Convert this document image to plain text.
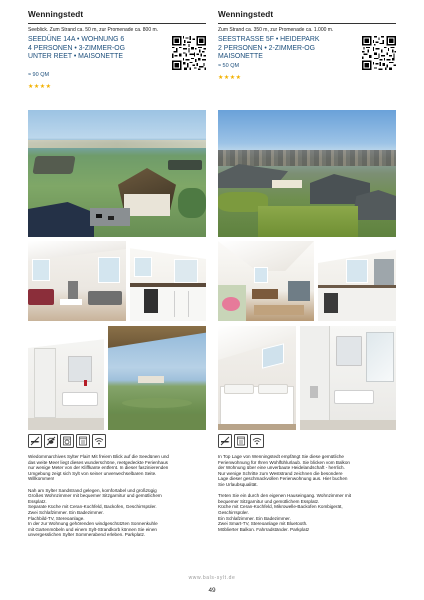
Wenningstedt
Seeblick. Zum Strand ca. 50 m, zur Promenade ca. 800 m.
SEEDÜNE 14A • WOHNUNG 6
4 PERSONEN • 3-ZIMMER-OG
UNTER REET • MAISONETTE
≈ 90 QM
★★★★

Wiedommarchives Sylter Flair! Mit freiem Blick auf die Seedünen und
das weite Meer liegt dieses wunderschöne, reetgedeckte Ferienhaus
nur wenige Meter von der Kliffkante entfernt. In dieser faszinierenden
Umgebung zeigt sich Sylt von seiner unverwechselbaren Seite.
Willkommen!

Nah am Sylter Sandstrand gelegen, komfortabel und großzügig
Großes Wohnzimmer mit bequemer Sitzgarnitur und gemütlichem
Essplatz.
Separate Küche mit Ceran-Kochfeld, Backofen, Geschirrspüler.
Zwei Schlafzimmer. Ein Badezimmer.
Flachbild-TV, Stereoanlage.
In der zur Wohnung gehörenden windgeschützten Sonnenkuhle
mit Gartenmöbeln und einem Sylt-Strandkorb können Sie einen
unvergesslichen Sylter Sommerabend erleben. Parkplatz.

Wenningstedt
Zum Strand ca. 350 m, zur Promenade ca. 1.000 m.
SEESTRASSE 5F • HEIDEPARK
2 PERSONEN • 2-ZIMMER-OG
MAISONETTE
≈ 50 QM
★★★★

In Top Lage von Wenningstedt empfängt Sie diese gemütliche
Ferienwohnung für Ihren Wohlfühlurlaub. Sie blicken vom Balkon
der Wohnung über eine unverbaute Heidelandschaft - herrlich.
Nur wenige Schritte zum Weststrand zeichnen die besondere
Lage dieser geschmackvollen Ferienwohnung aus. Hier buchen
Sie Urlaubsqualität.

Treten Sie ein durch den eigenen Hauseingang. Wohnzimmer mit
bequemer Sitzgarnitur und gemütlichem Essplatz.
Küche mit Ceran-Kochfeld, Mikrowelle-Backofen Kombigerät,
Geschirrspüler.
Ein Schlafzimmer. Ein Badezimmer.
Zwei Smart-TV, Stereoanlage mit Bluetooth.
Möblierter Balkon. Fahrradständer. Parkplatz

www.bals-sylt.de
49
